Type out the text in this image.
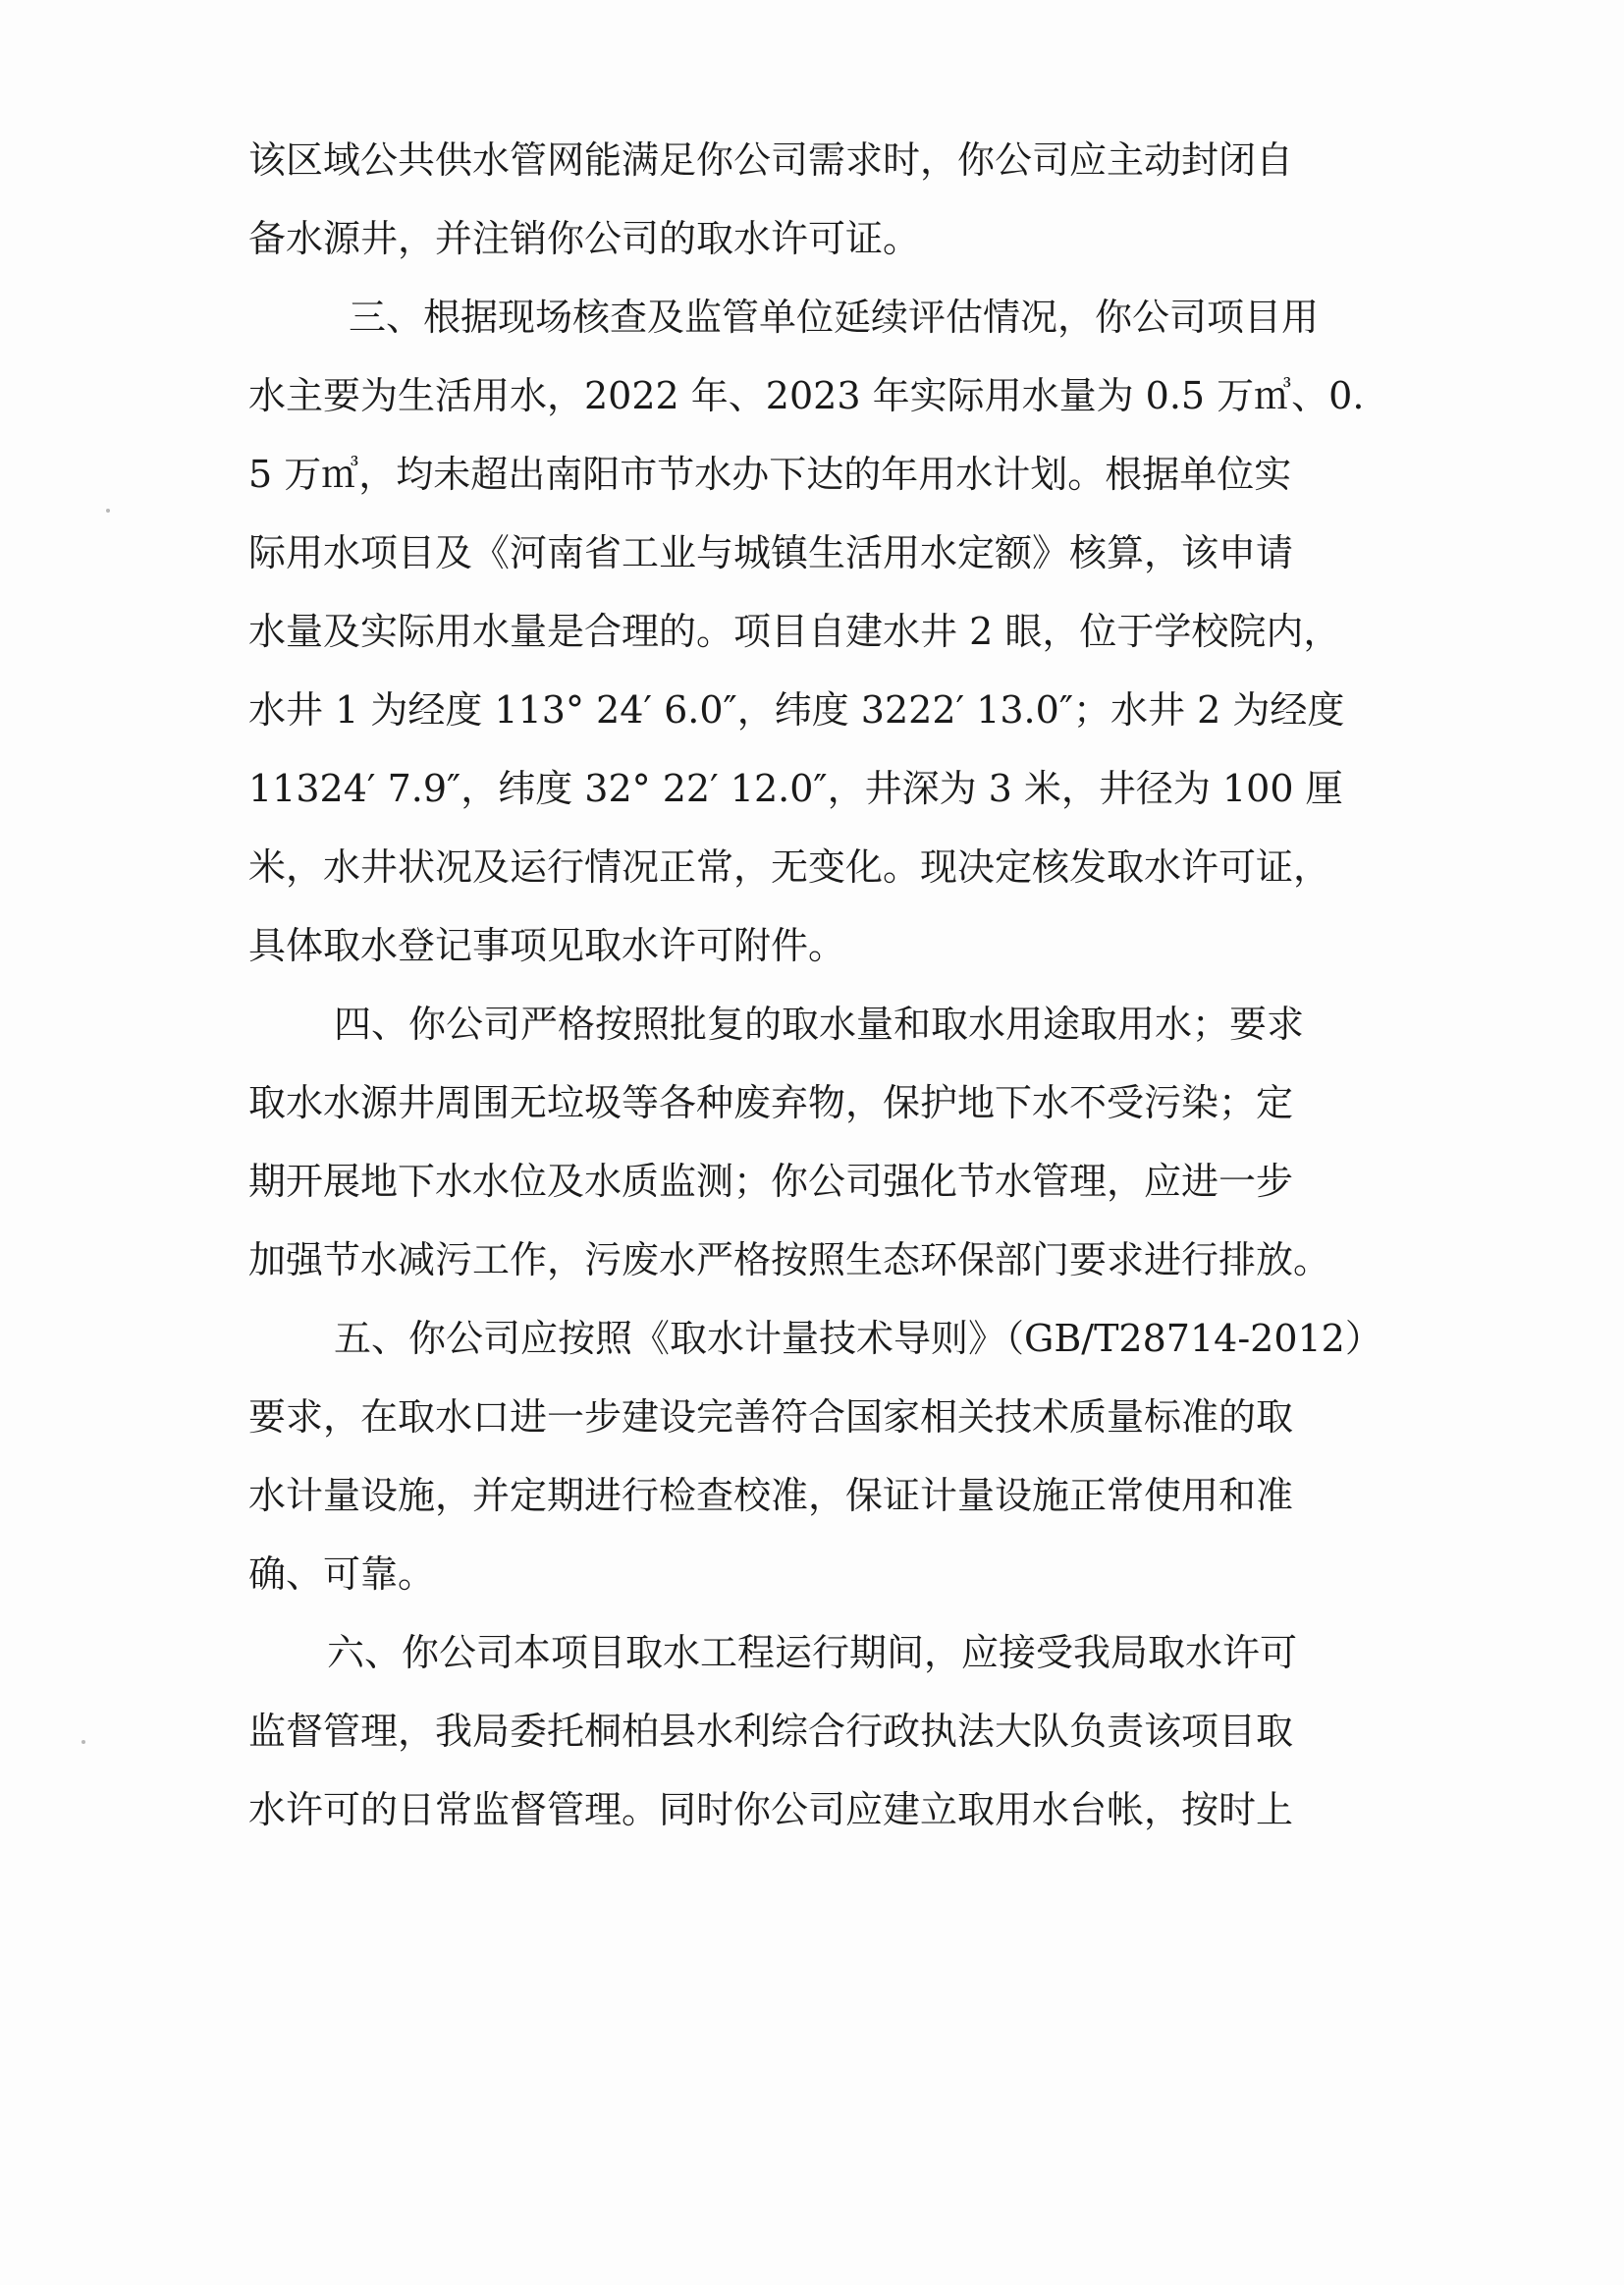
该区域公共供水管网能满足你公司需求时，你公司应主动封闭自
备水源井，并注销你公司的取水许可证。
三、根据现场核查及监管单位延续评估情况，你公司项目用
水主要为生活用水，2022 年、2023 年实际用水量为 0.5 万㎥、0.
5 万㎥，均未超出南阳市节水办下达的年用水计划。根据单位实
际用水项目及《河南省工业与城镇生活用水定额》核算，该申请
水量及实际用水量是合理的。项目自建水井 2 眼，位于学校院内，
水井 1 为经度 113° 24′ 6.0″，纬度 3222′ 13.0″；水井 2 为经度
11324′ 7.9″，纬度 32° 22′ 12.0″，井深为 3 米，井径为 100 厘
米，水井状况及运行情况正常，无变化。现决定核发取水许可证，
具体取水登记事项见取水许可附件。
四、你公司严格按照批复的取水量和取水用途取用水；要求
取水水源井周围无垃圾等各种废弃物，保护地下水不受污染；定
期开展地下水水位及水质监测；你公司强化节水管理，应进一步
加强节水减污工作，污废水严格按照生态环保部门要求进行排放。
五、你公司应按照《取水计量技术导则》（GB/T28714-2012）
要求，在取水口进一步建设完善符合国家相关技术质量标准的取
水计量设施，并定期进行检查校准，保证计量设施正常使用和准
确、可靠。
六、你公司本项目取水工程运行期间，应接受我局取水许可
监督管理，我局委托桐柏县水利综合行政执法大队负责该项目取
水许可的日常监督管理。同时你公司应建立取用水台帐，按时上
